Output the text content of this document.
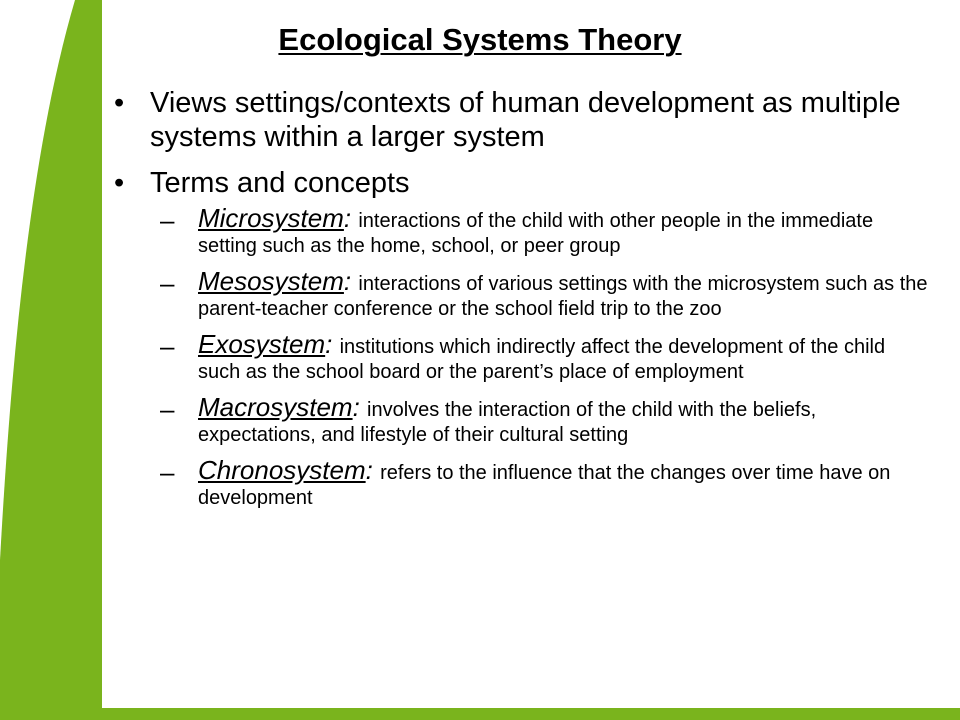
Ecological Systems Theory
• Views settings/contexts of human development as multiple systems within a larger system
• Terms and concepts
– Microsystem: interactions of the child with other people in the immediate setting such as the home, school, or peer group
– Mesosystem: interactions of various settings with the microsystem such as the parent-teacher conference or the school field trip to the zoo
– Exosystem: institutions which indirectly affect the development of the child such as the school board or the parent’s place of employment
– Macrosystem: involves the interaction of the child with the beliefs, expectations, and lifestyle of their cultural setting
– Chronosystem: refers to the influence that the changes over time have on development
